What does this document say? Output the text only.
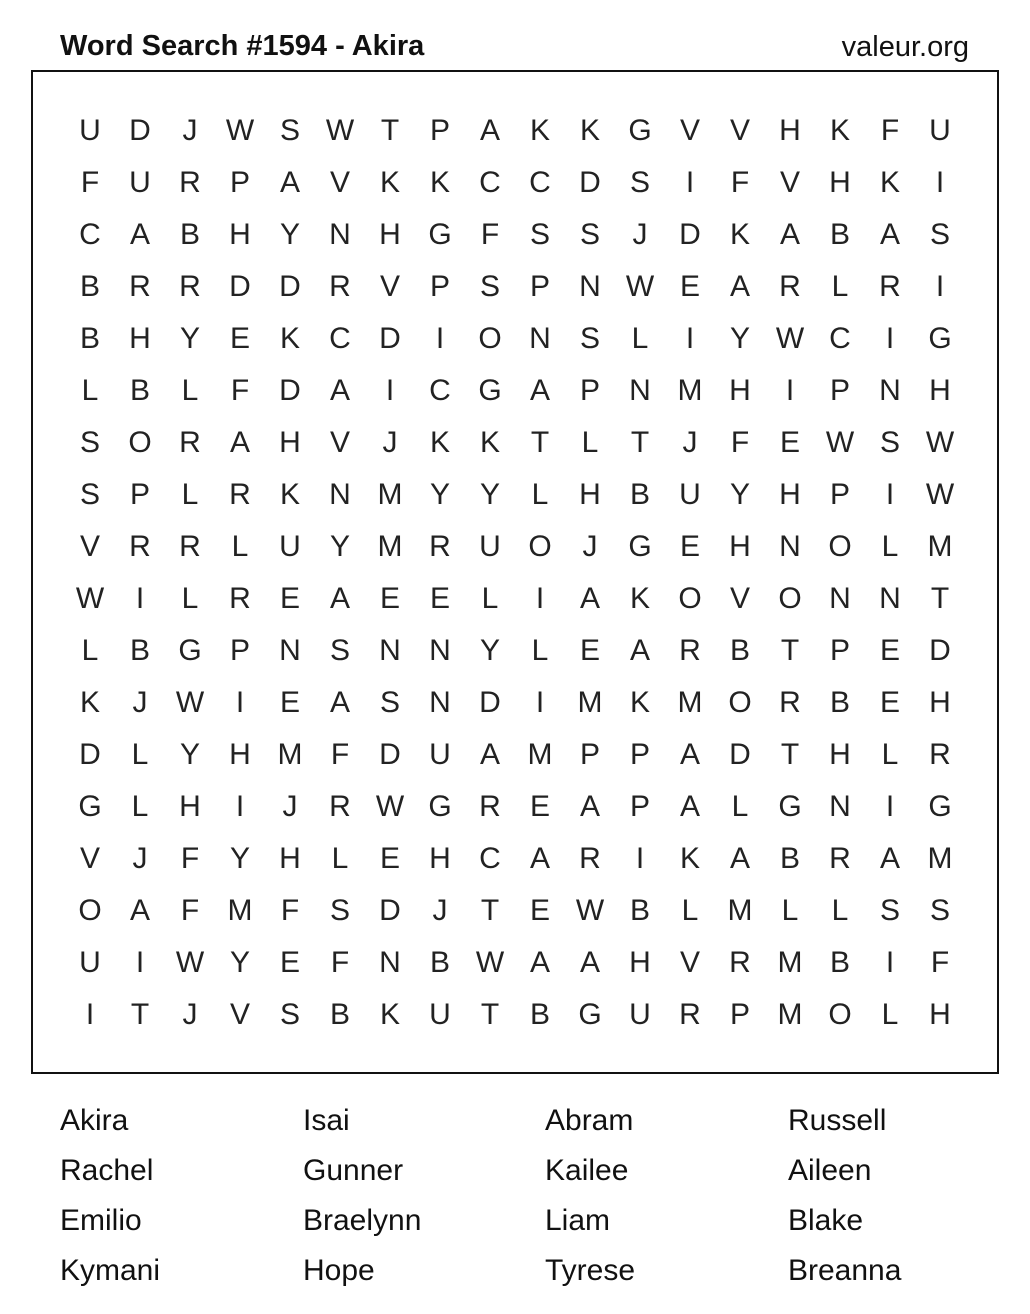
Word Search #1594 - Akira	valeur.org
U D	J W S W T	P A K K G V V H K	F	U
F	U R P A V K K C C D S	I	F	V H K	I
C A B H Y N H G F	S S	J	D K A B A S
B R R D D R V P S P N W E A R	L	R	I
B H Y E K C D	I	O N S	L	I	Y W C	I	G
L	B	L	F	D A	I	C G A P N M H	I	P N H
S O R A H V	J	K K	T	L	T	J	F	E W S W
S P	L	R K N M Y Y	L	H B U Y H P	I	W
V R R	L	U Y M R U O	J	G E H N O L M
W	I	L	R E A E E	L	I	A K O V O N N	T
L	B G P N S N N Y	L	E A R B	T	P E D
K	J W	I	E A S N D	I	M K M O R B E H
D	L	Y H M F	D U A M P P A D	T	H	L	R
G L	H	I	J	R W G R E A P A	L G N	I	G
V	J	F	Y H	L	E H C A R	I	K A B R A M
O A	F M F	S D	J	T	E W B	L M L	L	S S
U	I	W Y E	F	N B W A A H V R M B	I	F
I	T	J	V S B K U	T	B G U R P M O L	H
Akira	Isai	Abram	Russell
Rachel	Gunner	Kailee	Aileen
Emilio	Braelynn	Liam	Blake
Kymani	Hope	Tyrese	Breanna
